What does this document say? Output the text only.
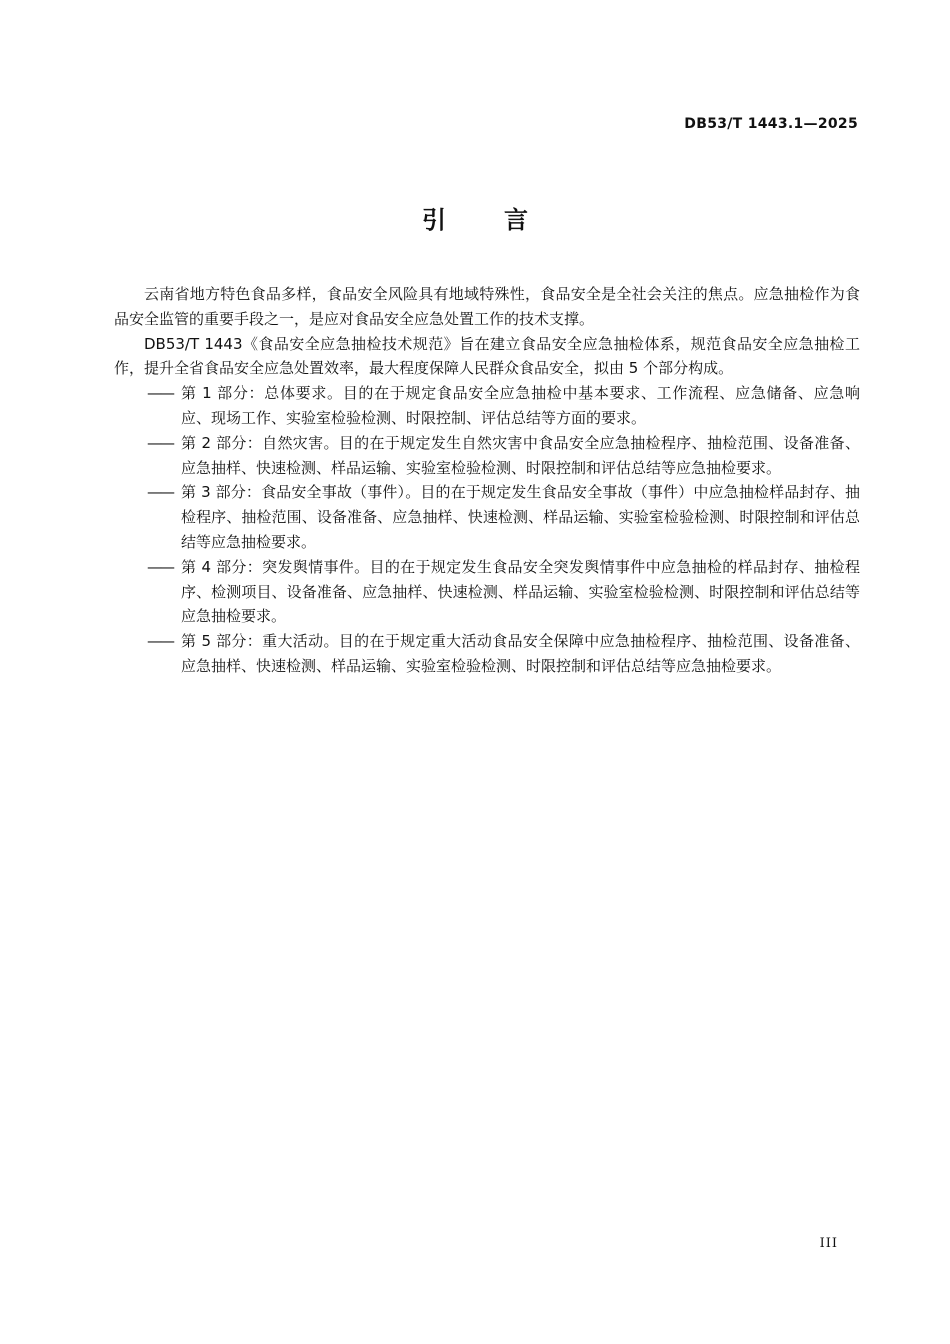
DB53/T 1443.1—2025
引言

云南省地方特色食品多样，食品安全风险具有地域特殊性，食品安全是全社会关注的焦点。应急抽检作为食品安全监管的重要手段之一，是应对食品安全应急处置工作的技术支撑。

DB53/T 1443《食品安全应急抽检技术规范》旨在建立食品安全应急抽检体系，规范食品安全应急抽检工作，提升全省食品安全应急处置效率，最大程度保障人民群众食品安全，拟由 5 个部分构成。

—— 第 1 部分：总体要求。目的在于规定食品安全应急抽检中基本要求、工作流程、应急储备、应急响应、现场工作、实验室检验检测、时限控制、评估总结等方面的要求。
—— 第 2 部分：自然灾害。目的在于规定发生自然灾害中食品安全应急抽检程序、抽检范围、设备准备、应急抽样、快速检测、样品运输、实验室检验检测、时限控制和评估总结等应急抽检要求。
—— 第 3 部分：食品安全事故（事件）。目的在于规定发生食品安全事故（事件）中应急抽检样品封存、抽检程序、抽检范围、设备准备、应急抽样、快速检测、样品运输、实验室检验检测、时限控制和评估总结等应急抽检要求。
—— 第 4 部分：突发舆情事件。目的在于规定发生食品安全突发舆情事件中应急抽检的样品封存、抽检程序、检测项目、设备准备、应急抽样、快速检测、样品运输、实验室检验检测、时限控制和评估总结等应急抽检要求。
—— 第 5 部分：重大活动。目的在于规定重大活动食品安全保障中应急抽检程序、抽检范围、设备准备、应急抽样、快速检测、样品运输、实验室检验检测、时限控制和评估总结等应急抽检要求。
III
